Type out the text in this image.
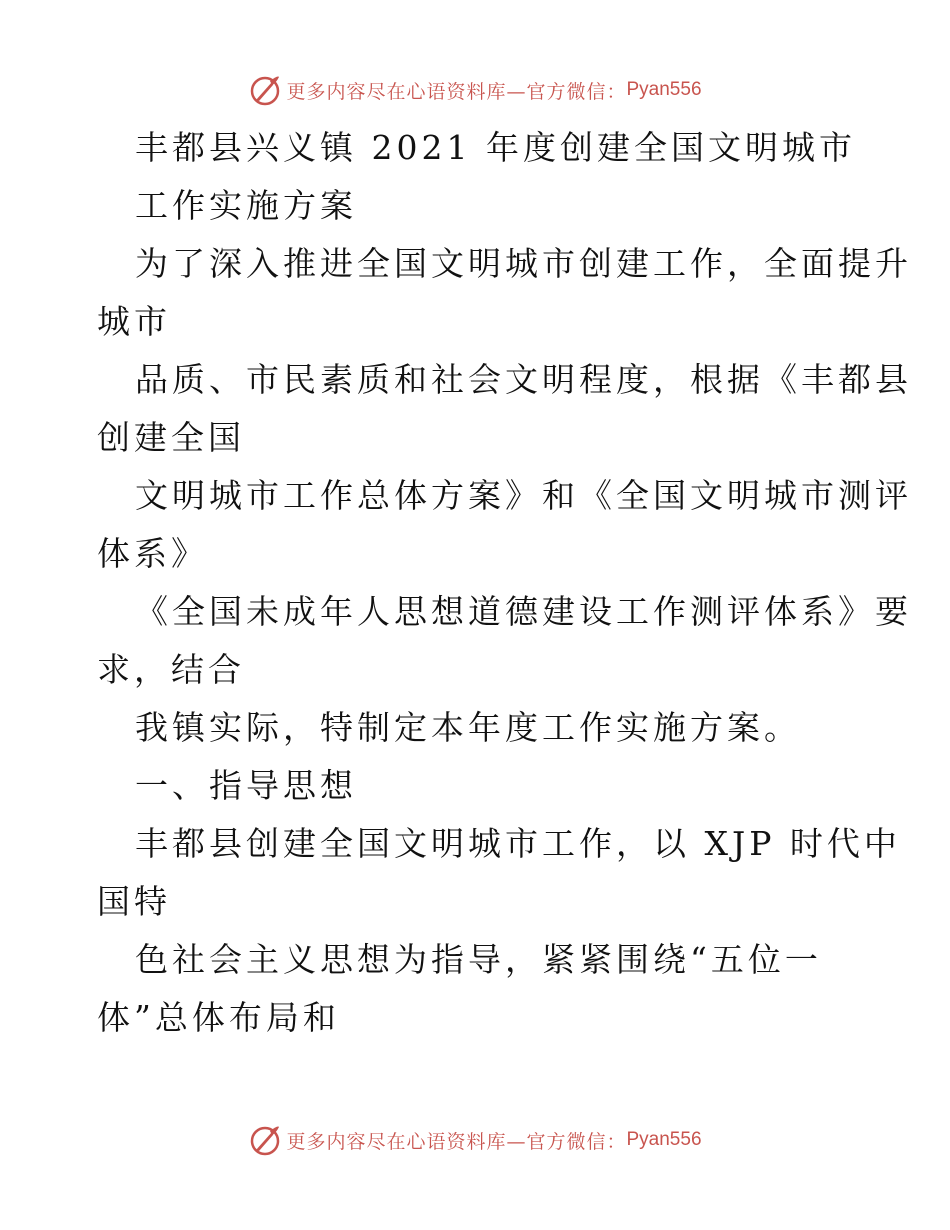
更多内容尽在心语资料库—官方微信： Pyan556
丰都县兴义镇 2021 年度创建全国文明城市
工作实施方案
为了深入推进全国文明城市创建工作，全面提升
城市
品质、市民素质和社会文明程度，根据《丰都县
创建全国
文明城市工作总体方案》和《全国文明城市测评
体系》
《全国未成年人思想道德建设工作测评体系》要
求，结合
我镇实际，特制定本年度工作实施方案。
一、指导思想
丰都县创建全国文明城市工作，以 XJP 时代中
国特
色社会主义思想为指导，紧紧围绕“五位一
体”总体布局和
更多内容尽在心语资料库—官方微信： Pyan556
